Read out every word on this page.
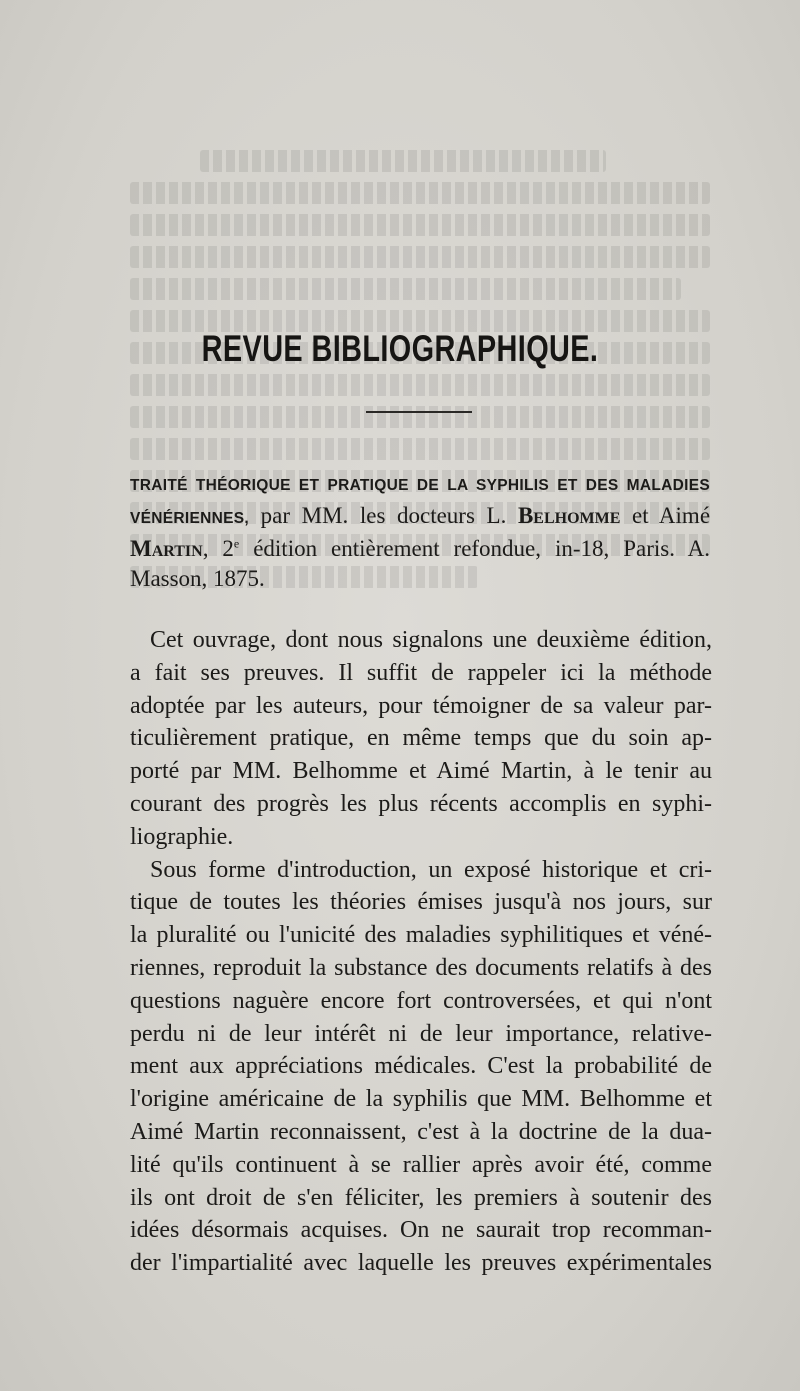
REVUE BIBLIOGRAPHIQUE.
TRAITÉ THÉORIQUE ET PRATIQUE DE LA SYPHILIS ET DES MALADIES VÉNÉRIENNES, par MM. les docteurs L. Belhomme et Aimé Martin, 2e édition entièrement refondue, in-18, Paris. A. Masson, 1875.
Cet ouvrage, dont nous signalons une deuxième édition,
a fait ses preuves. Il suffit de rappeler ici la méthode
adoptée par les auteurs, pour témoigner de sa valeur par-
ticulièrement pratique, en même temps que du soin ap-
porté par MM. Belhomme et Aimé Martin, à le tenir au
courant des progrès les plus récents accomplis en syphi-
liographie.
Sous forme d'introduction, un exposé historique et cri-
tique de toutes les théories émises jusqu'à nos jours, sur
la pluralité ou l'unicité des maladies syphilitiques et véné-
riennes, reproduit la substance des documents relatifs à des
questions naguère encore fort controversées, et qui n'ont
perdu ni de leur intérêt ni de leur importance, relative-
ment aux appréciations médicales. C'est la probabilité de
l'origine américaine de la syphilis que MM. Belhomme et
Aimé Martin reconnaissent, c'est à la doctrine de la dua-
lité qu'ils continuent à se rallier après avoir été, comme
ils ont droit de s'en féliciter, les premiers à soutenir des
idées désormais acquises. On ne saurait trop recomman-
der l'impartialité avec laquelle les preuves expérimentales
